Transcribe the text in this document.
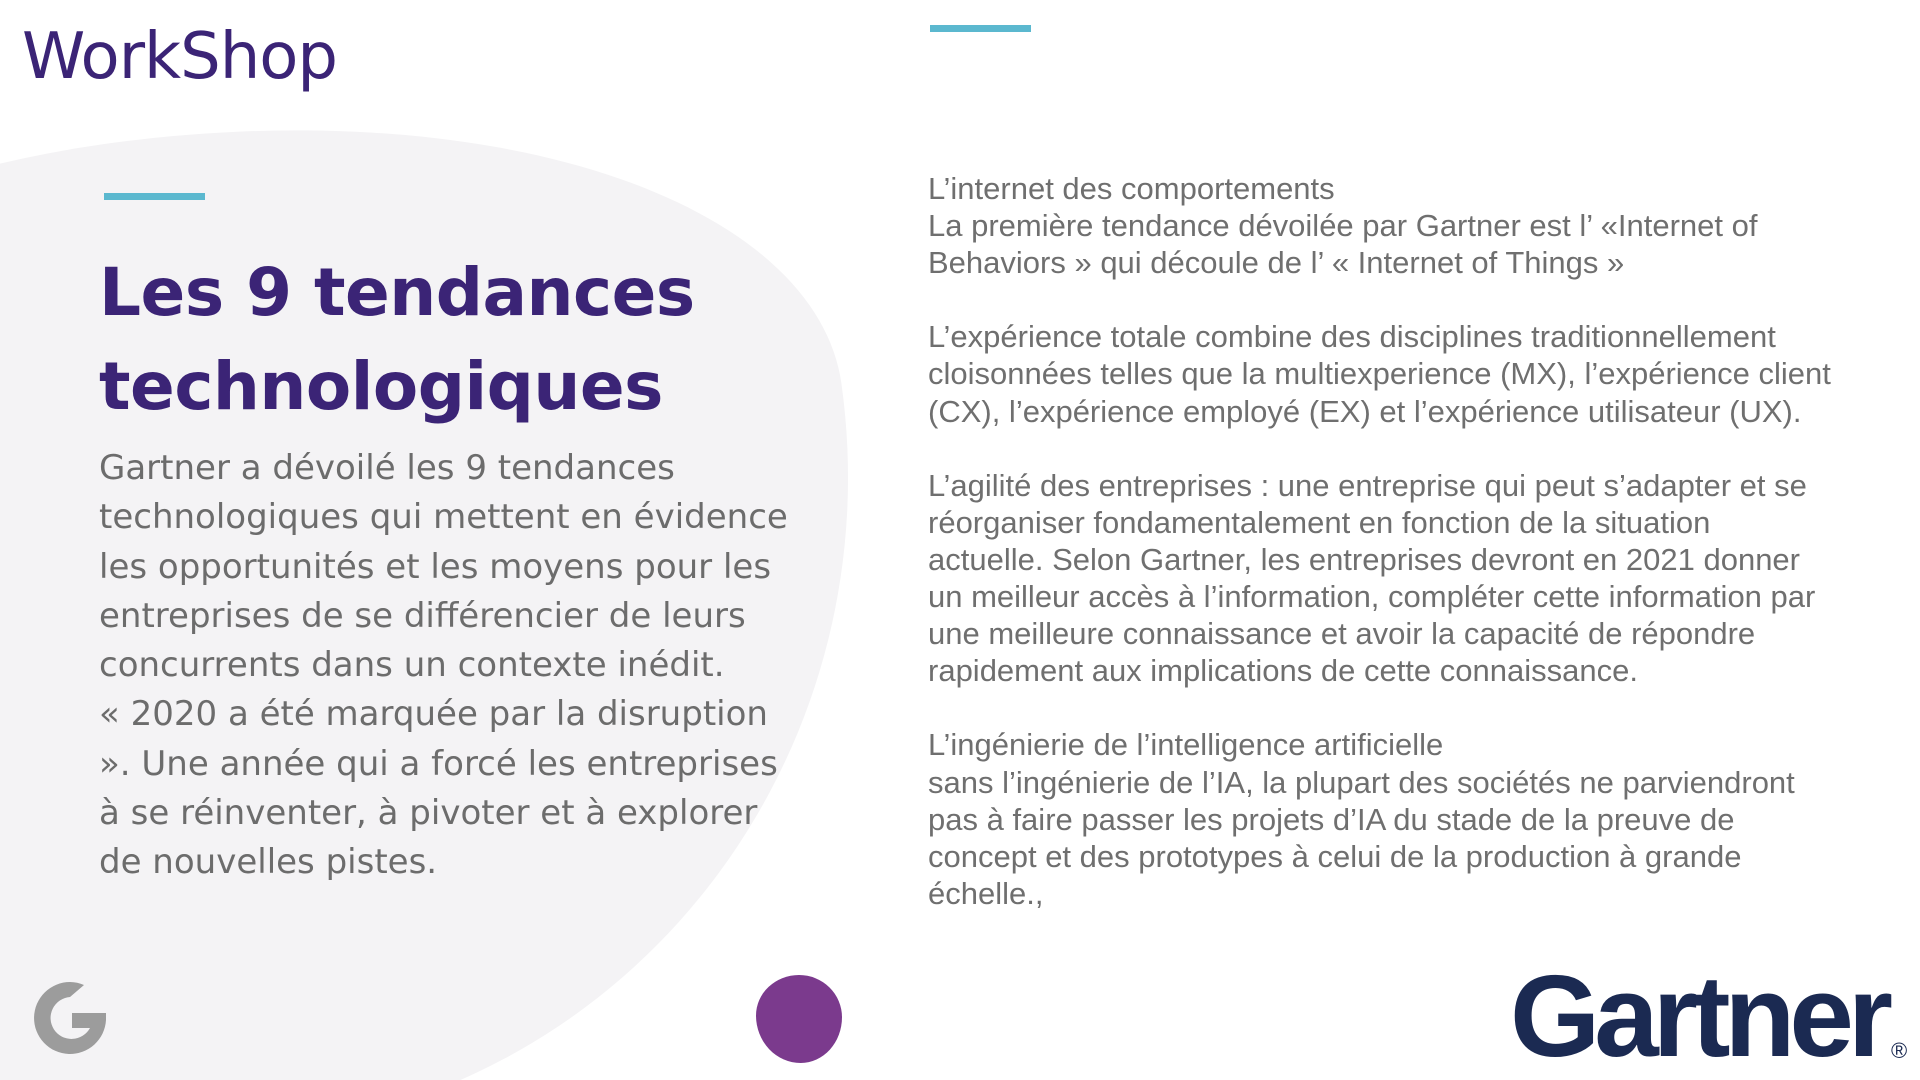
WorkShop
Les 9 tendances
technologiques

Gartner a dévoilé les 9 tendances
technologiques qui mettent en évidence
les opportunités et les moyens pour les
entreprises de se différencier de leurs
concurrents dans un contexte inédit.
« 2020 a été marquée par la disruption
». Une année qui a forcé les entreprises
à se réinventer, à pivoter et à explorer
de nouvelles pistes.

L’internet des comportements
La première tendance dévoilée par Gartner est l’ «Internet of
Behaviors » qui découle de l’ « Internet of Things »
L’expérience totale combine des disciplines traditionnellement
cloisonnées telles que la multiexperience (MX), l’expérience client
(CX), l’expérience employé (EX) et l’expérience utilisateur (UX).
L’agilité des entreprises : une entreprise qui peut s’adapter et se
réorganiser fondamentalement en fonction de la situation
actuelle. Selon Gartner, les entreprises devront en 2021 donner
un meilleur accès à l’information, compléter cette information par
une meilleure connaissance et avoir la capacité de répondre
rapidement aux implications de cette connaissance.
L’ingénierie de l’intelligence artificielle
sans l’ingénierie de l’IA, la plupart des sociétés ne parviendront
pas à faire passer les projets d’IA du stade de la preuve de
concept et des prototypes à celui de la production à grande
échelle.,
Gartner ®
